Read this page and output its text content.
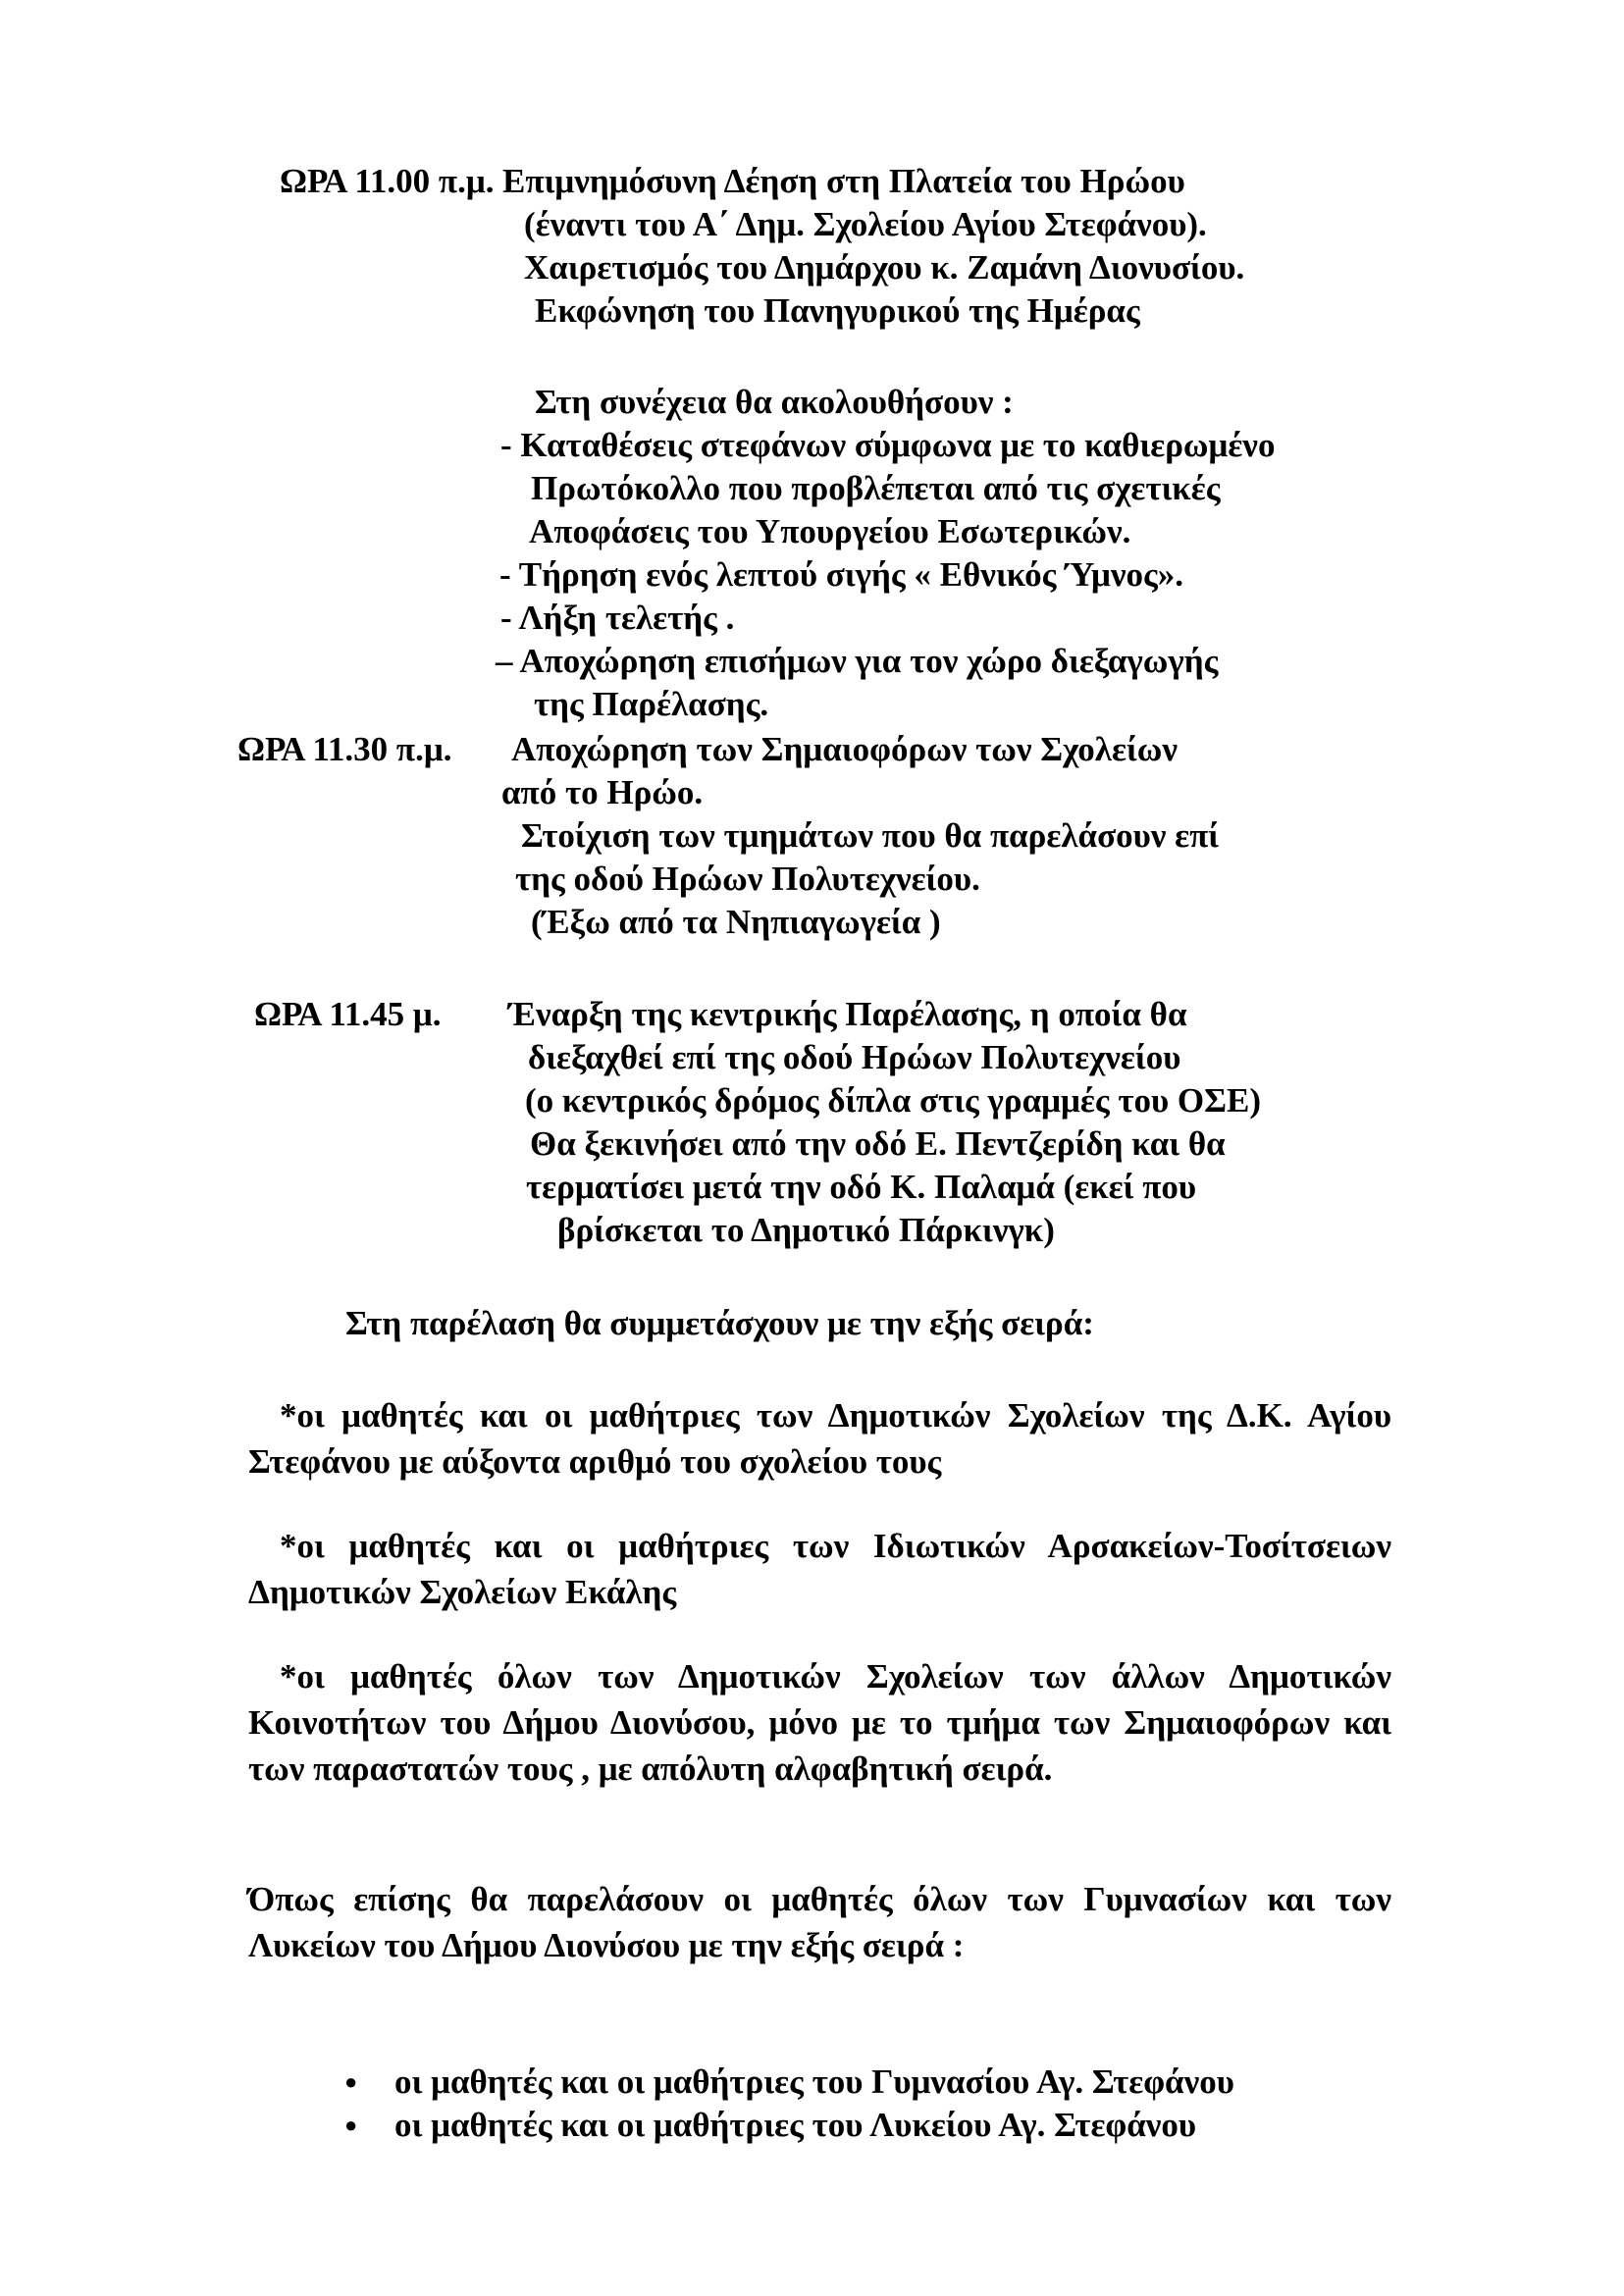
ΩΡΑ 11.00 π.μ. Επιμνημόσυνη Δέηση στη Πλατεία του Ηρώου
(έναντι του Α΄ Δημ. Σχολείου Αγίου Στεφάνου).
Χαιρετισμός του Δημάρχου κ. Ζαμάνη Διονυσίου.
Εκφώνηση του Πανηγυρικού της Ημέρας
Στη συνέχεια θα ακολουθήσουν :
- Καταθέσεις στεφάνων σύμφωνα με το καθιερωμένο
Πρωτόκολλο που προβλέπεται από τις σχετικές
Αποφάσεις του Υπουργείου Εσωτερικών.
- Τήρηση ενός λεπτού σιγής « Εθνικός Ύμνος».
- Λήξη τελετής .
– Αποχώρηση επισήμων για τον χώρο διεξαγωγής
της Παρέλασης.
ΩΡΑ 11.30 π.μ. Αποχώρηση των Σημαιοφόρων των Σχολείων
από το Ηρώο.
Στοίχιση των τμημάτων που θα παρελάσουν επί
της οδού Ηρώων Πολυτεχνείου.
(Έξω από τα Νηπιαγωγεία )
ΩΡΑ 11.45 μ. Έναρξη της κεντρικής Παρέλασης, η οποία θα
διεξαχθεί επί της οδού Ηρώων Πολυτεχνείου
(ο κεντρικός δρόμος δίπλα στις γραμμές του ΟΣΕ)
Θα ξεκινήσει από την οδό Ε. Πεντζερίδη και θα
τερματίσει μετά την οδό Κ. Παλαμά (εκεί που
βρίσκεται το Δημοτικό Πάρκινγκ)
Στη παρέλαση θα συμμετάσχουν με την εξής σειρά:
*οι μαθητές και οι μαθήτριες των Δημοτικών Σχολείων της Δ.Κ. Αγίου Στεφάνου με αύξοντα αριθμό του σχολείου τους
*οι μαθητές και οι μαθήτριες των Ιδιωτικών Αρσακείων-Τοσίτσειων Δημοτικών Σχολείων Εκάλης
*οι μαθητές όλων των Δημοτικών Σχολείων των άλλων Δημοτικών Κοινοτήτων του Δήμου Διονύσου, μόνο με το τμήμα των Σημαιοφόρων και των παραστατών τους , με απόλυτη αλφαβητική σειρά.
Όπως επίσης θα παρελάσουν οι μαθητές όλων των Γυμνασίων και των Λυκείων του Δήμου Διονύσου με την εξής σειρά :
● οι μαθητές και οι μαθήτριες του Γυμνασίου Αγ. Στεφάνου
● οι μαθητές και οι μαθήτριες του Λυκείου Αγ. Στεφάνου
